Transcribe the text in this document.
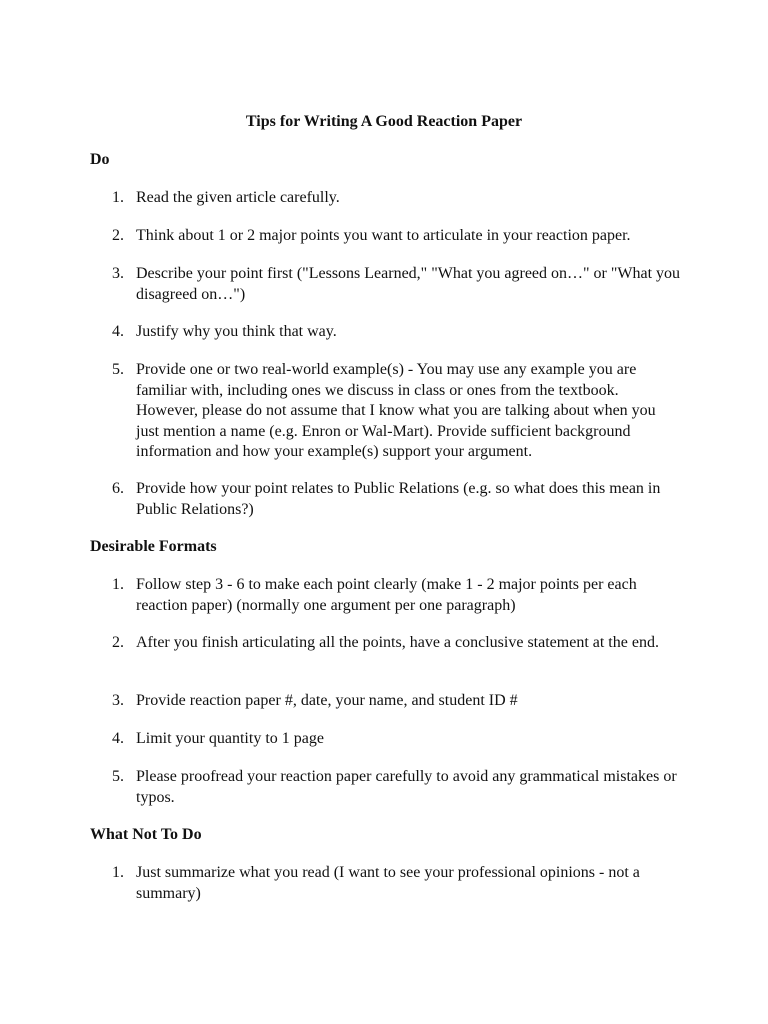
Tips for Writing A Good Reaction Paper
Do
1. Read the given article carefully.
2. Think about 1 or 2 major points you want to articulate in your reaction paper.
3. Describe your point first ("Lessons Learned," "What you agreed on…" or "What you disagreed on…")
4. Justify why you think that way.
5. Provide one or two real-world example(s) - You may use any example you are familiar with, including ones we discuss in class or ones from the textbook. However, please do not assume that I know what you are talking about when you just mention a name (e.g. Enron or Wal-Mart). Provide sufficient background information and how your example(s) support your argument.
6. Provide how your point relates to Public Relations (e.g. so what does this mean in Public Relations?)
Desirable Formats
1. Follow step 3 - 6 to make each point clearly (make 1 - 2 major points per each reaction paper) (normally one argument per one paragraph)
2. After you finish articulating all the points, have a conclusive statement at the end.
3. Provide reaction paper #, date, your name, and student ID #
4. Limit your quantity to 1 page
5. Please proofread your reaction paper carefully to avoid any grammatical mistakes or typos.
What Not To Do
1. Just summarize what you read (I want to see your professional opinions - not a summary)
